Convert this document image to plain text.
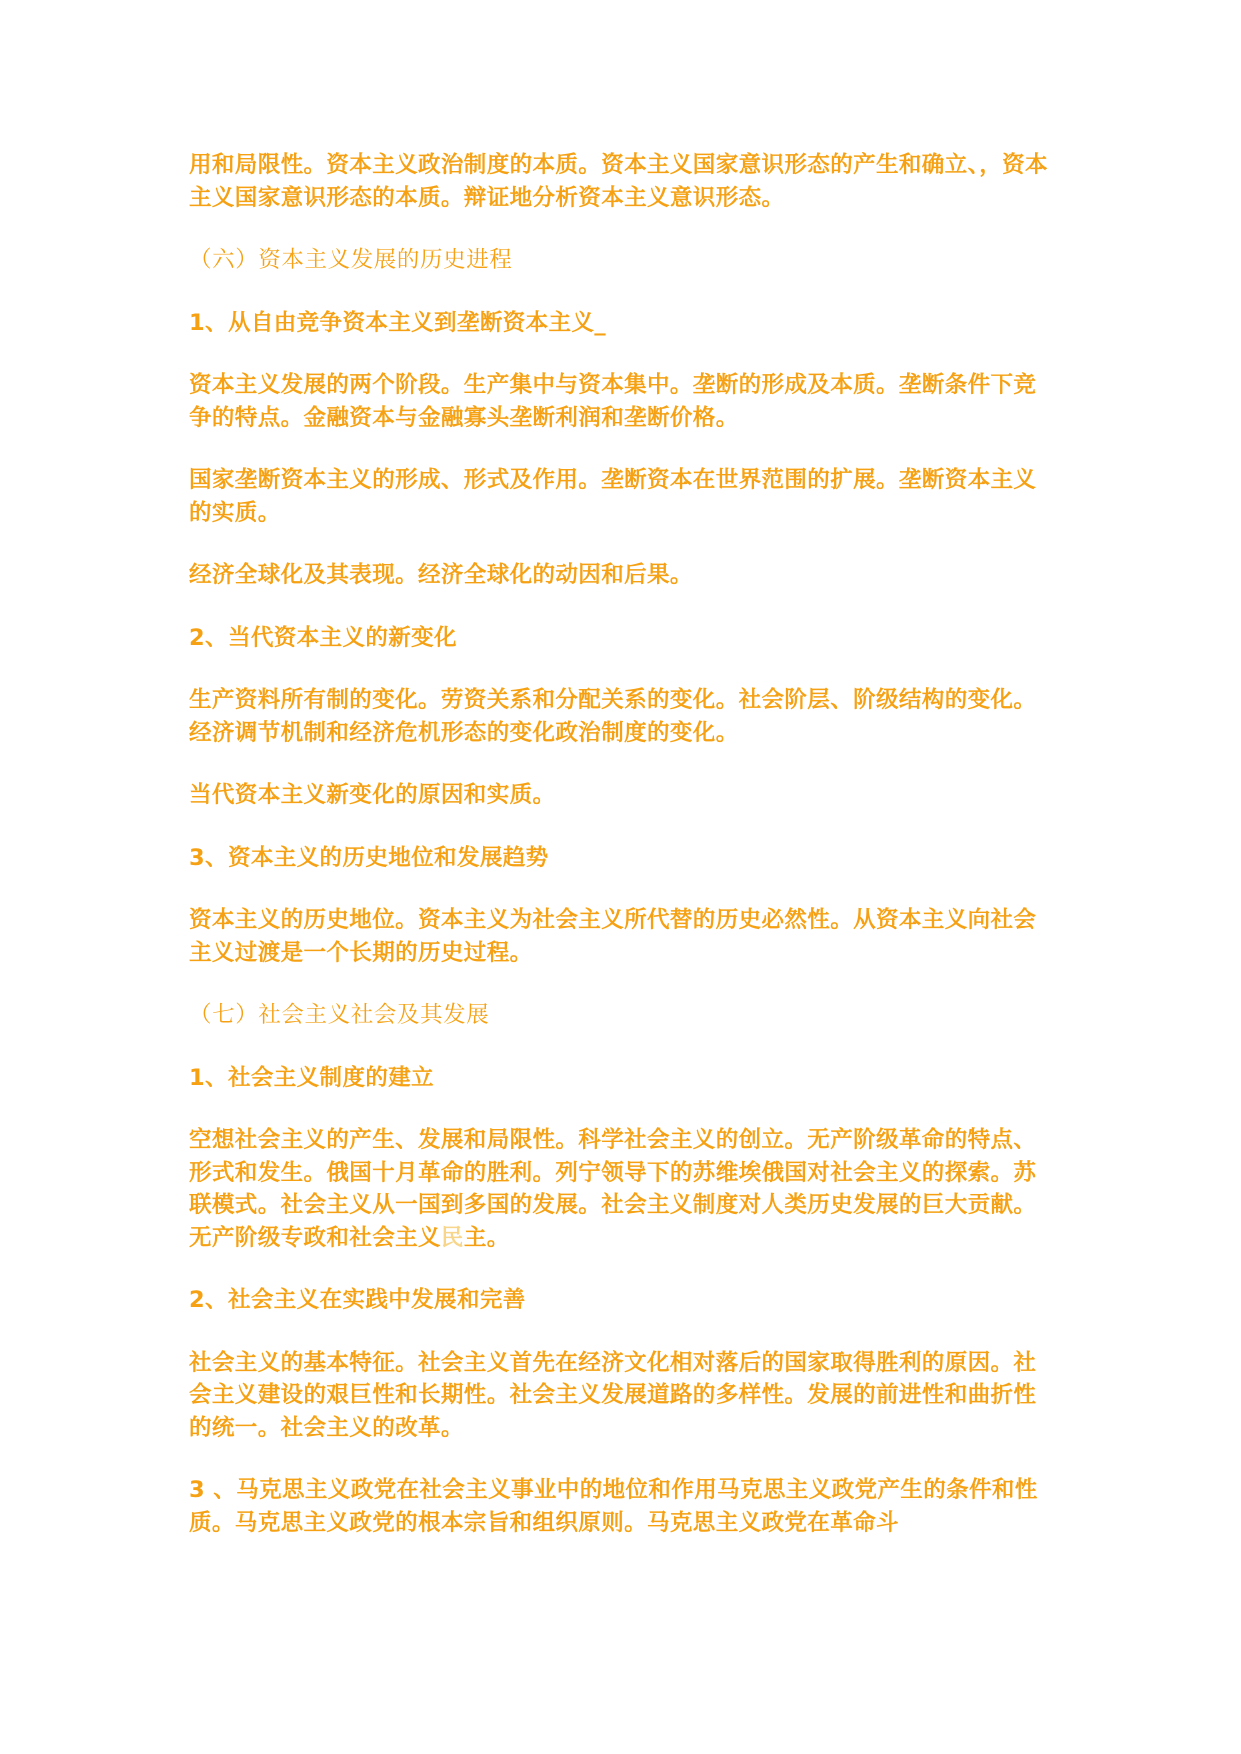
用和局限性。资本主义政治制度的本质。资本主义国家意识形态的产生和确立、，资本主义国家意识形态的本质。辩证地分析资本主义意识形态。

（六）资本主义发展的历史进程

1、从自由竞争资本主义到垄断资本主义_

资本主义发展的两个阶段。生产集中与资本集中。垄断的形成及本质。垄断条件下竞争的特点。金融资本与金融寡头垄断利润和垄断价格。

国家垄断资本主义的形成、形式及作用。垄断资本在世界范围的扩展。垄断资本主义的实质。

经济全球化及其表现。经济全球化的动因和后果。

2、当代资本主义的新变化

生产资料所有制的变化。劳资关系和分配关系的变化。社会阶层、阶级结构的变化。经济调节机制和经济危机形态的变化政治制度的变化。

当代资本主义新变化的原因和实质。

3、资本主义的历史地位和发展趋势

资本主义的历史地位。资本主义为社会主义所代替的历史必然性。从资本主义向社会主义过渡是一个长期的历史过程。

（七）社会主义社会及其发展

1、社会主义制度的建立

空想社会主义的产生、发展和局限性。科学社会主义的创立。无产阶级革命的特点、形式和发生。俄国十月革命的胜利。列宁领导下的苏维埃俄国对社会主义的探索。苏联模式。社会主义从一国到多国的发展。社会主义制度对人类历史发展的巨大贡献。无产阶级专政和社会主义民主。

2、社会主义在实践中发展和完善

社会主义的基本特征。社会主义首先在经济文化相对落后的国家取得胜利的原因。社会主义建设的艰巨性和长期性。社会主义发展道路的多样性。发展的前进性和曲折性的统一。社会主义的改革。

3 、马克思主义政党在社会主义事业中的地位和作用马克思主义政党产生的条件和性质。马克思主义政党的根本宗旨和组织原则。马克思主义政党在革命斗
